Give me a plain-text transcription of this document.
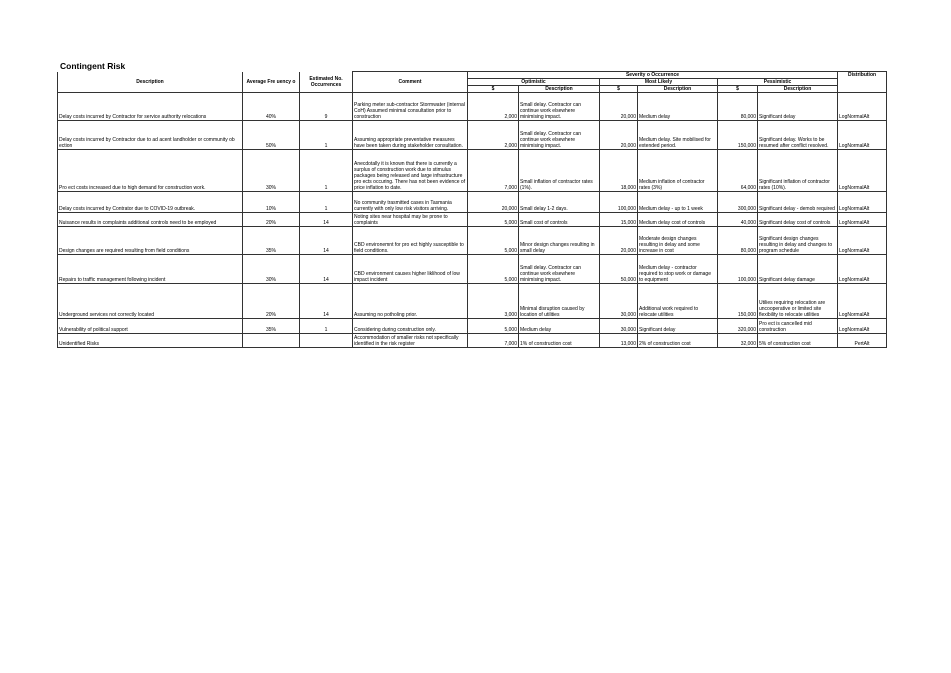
Contingent Risk
Description	Average Fre uency o	Estimated No. Occurrences	Comment	Severity o Occurrence						Distribution
				Optimistic		Most Likely		Pessimistic		
				$	Description	$	Description	$	Description	
Delay costs incurred by Contractor for service authority relocations	40%	9	Parking meter sub-contractor Stormwater (internal CoH) Assumed minimal consultation prior to construction	2,000	Small delay. Contractor can continue work elsewhere minimising impact.	20,000	Medium delay	80,000	Significant delay	LogNormalAlt
Delay costs incurred by Contractor due to ad acent landholder or community ob ection	50%	1	Assuming appropriate preventative measures have been taken during stakeholder consultation.	2,000	Small delay. Contractor can continue work elsewhere minimising impact.	20,000	Medium delay. Site mobilised for extended period.	150,000	Significant delay. Works to be resumed after conflict resolved.	LogNormalAlt
Pro ect costs increased due to high demand for construction work.	30%	1	Anecdotally it is known that there is currently a surplus of construction work due to stimulus packages being released and large infrastructure pro ects occuring. There has not been evidence of price inflation to date.	7,000	Small inflation of contractor rates (1%).	18,000	Medium inflation of contractor rates (3%)	64,000	Significant inflation of contractor rates (10%).	LogNormalAlt
Delay costs incurred by Contrator due to COVID-19 outbreak.	10%	1	No community trasmitted cases in Tasmania currently with only low risk visitors arriving.	20,000	Small delay 1-2 days.	100,000	Medium delay - up to 1 week	300,000	Significant delay - demob required	LogNormalAlt
Nuisance results in complaints additional controls need to be employed	20%	14	Noting sites near hospital may be prone to complaints	5,000	Small cost of controls	15,000	Medium delay cost of controls	40,000	Significant delay cost of controls	LogNormalAlt
Design changes are required resulting from field conditions	35%	14	CBD environemnt for pro ect highly susceptible to field conditions.	5,000	Minor design changes resulting in small delay	20,000	Moderate design changes resulting in delay and some increase in cost	80,000	Significant design changes resulting in delay and changes to program schedule	LogNormalAlt
Repairs to traffic management following incident	30%	14	CBD environment causes higher liklihood of low impact incident	5,000	Small delay. Contractor can continue work elsewhere minimising impact.	50,000	Medium delay - contractor required to stop work or damage to equipment	100,000	Significant delay damage	LogNormalAlt
Underground services not correctly located	20%	14	Assuming no potholing prior.	3,000	Minimal disruption caused by location of utilities	30,000	Additional work required to relocate utilities	150,000	Utilies requiring relocation are uncooperative or limited site flexibility to relocate utilities	LogNormalAlt
Vulnerability of political support	35%	1	Considering during construction only.	5,000	Medium delay	30,000	Significant delay	320,000	Pro ect is cancelled mid construction	LogNormalAlt
Unidentified Risks			Accommodation of smaller risks not specifically identified in the risk register	7,000	1% of construction cost	13,000	2% of construction cost	32,000	5% of construction cost	PertAlt
